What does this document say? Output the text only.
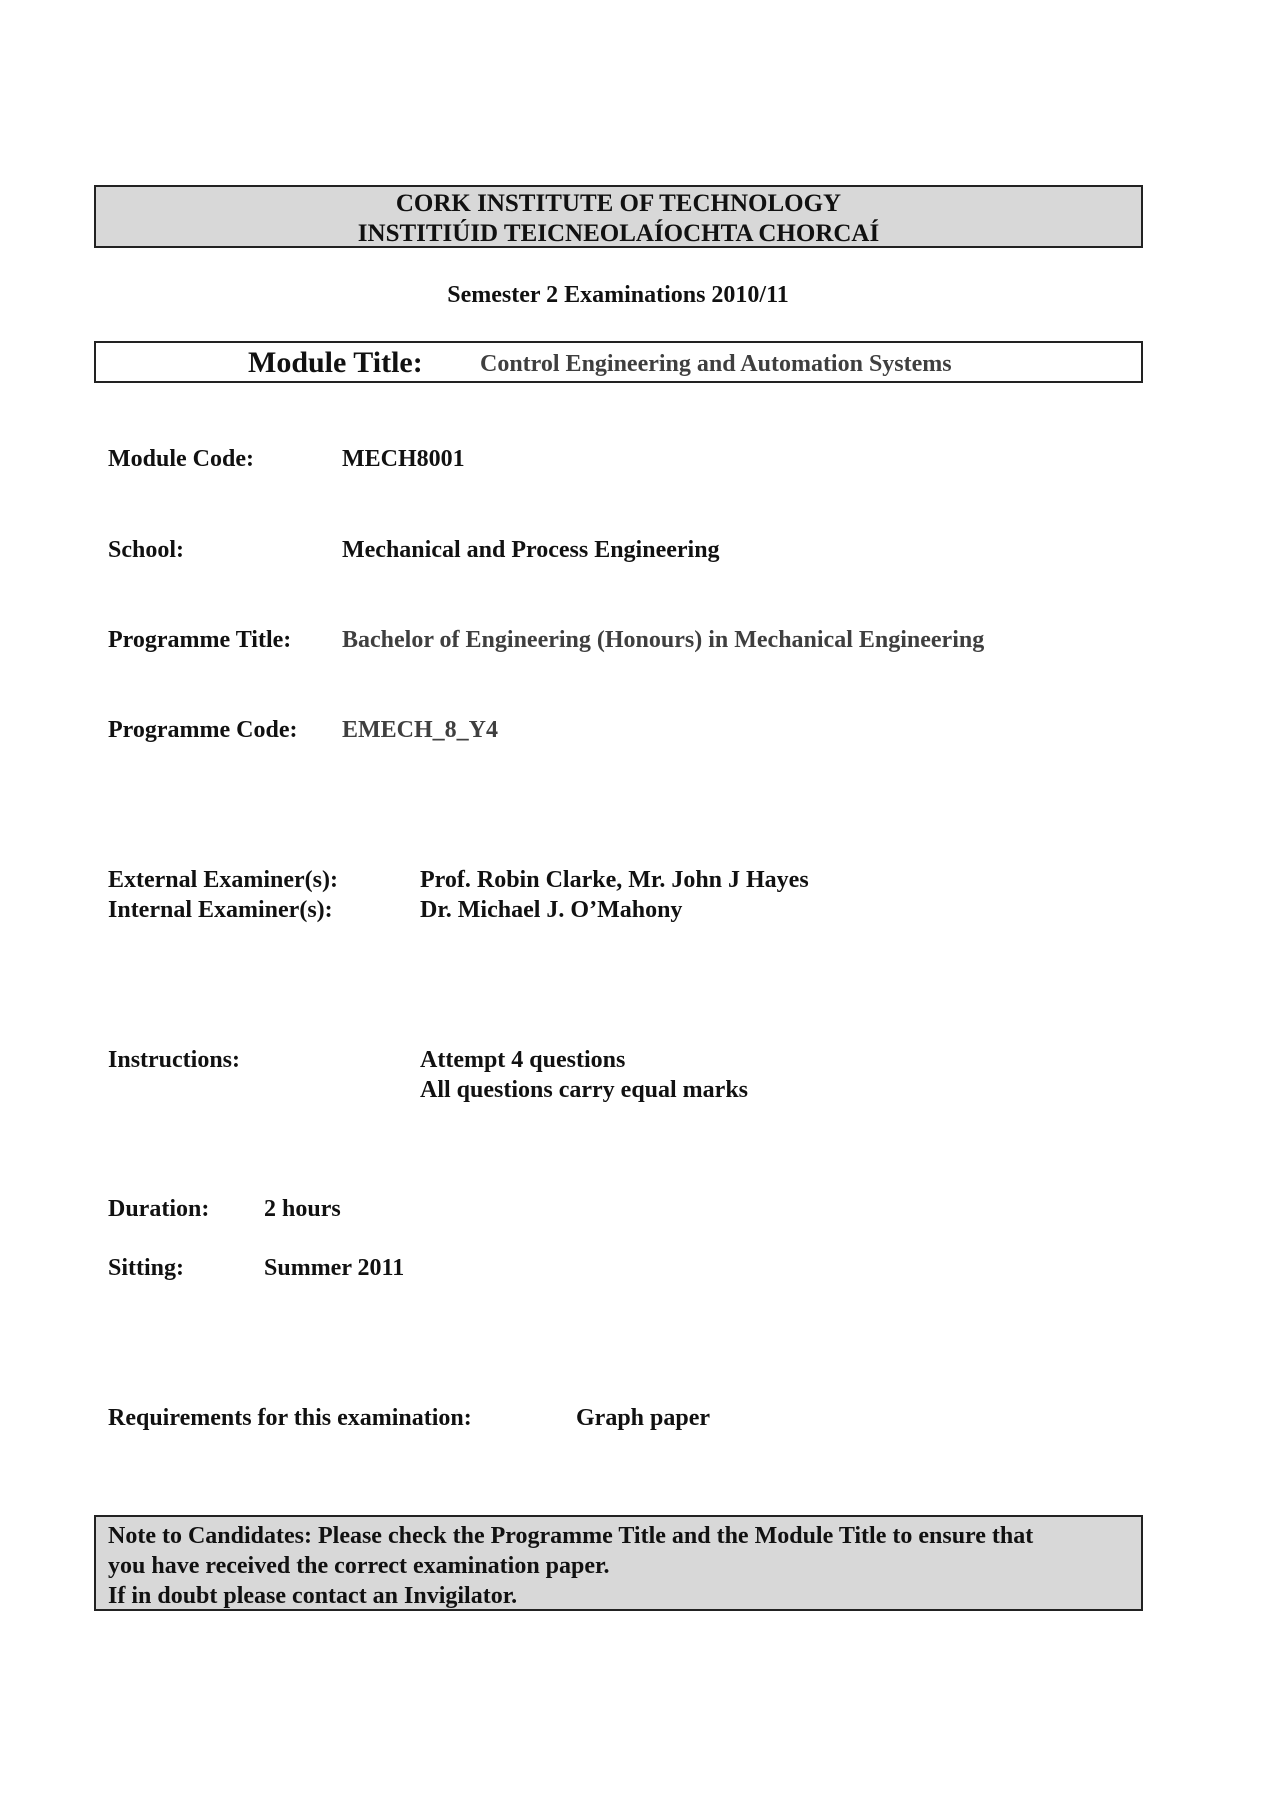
CORK INSTITUTE OF TECHNOLOGY
INSTITIÚID TEICNEOLAÍOCHTA CHORCAÍ
Semester 2 Examinations 2010/11
Module Title: Control Engineering and Automation Systems
Module Code:	MECH8001
School:	Mechanical and Process Engineering
Programme Title: Bachelor of Engineering (Honours) in Mechanical Engineering
Programme Code: EMECH_8_Y4
External Examiner(s):	Prof. Robin Clarke, Mr. John J Hayes
Internal Examiner(s):	Dr. Michael J. O’Mahony
Instructions:	Attempt 4 questions
All questions carry equal marks
Duration: 2 hours
Sitting:	Summer 2011
Requirements for this examination:	Graph paper
Note to Candidates: Please check the Programme Title and the Module Title to ensure that
you have received the correct examination paper.
If in doubt please contact an Invigilator.
